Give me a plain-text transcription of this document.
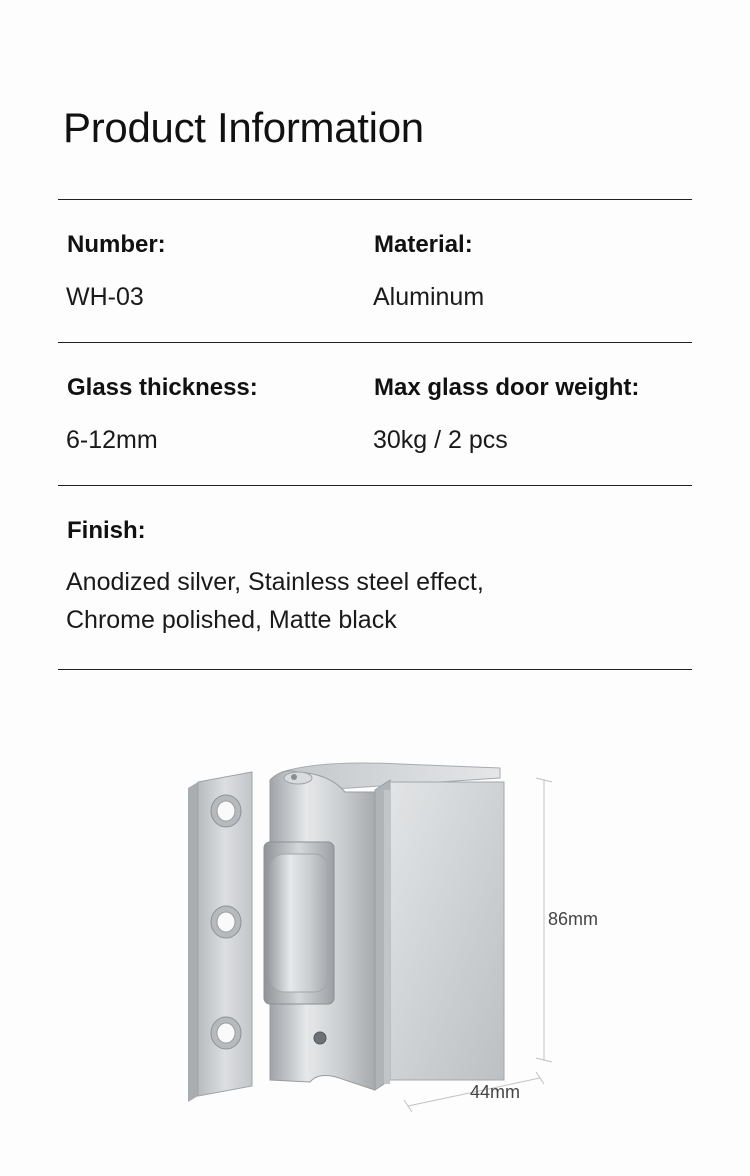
Product Information
Number:	Material:
WH-03	Aluminum
Glass thickness:	Max glass door weight:
6-12mm	30kg / 2 pcs
Finish:
Anodized silver, Stainless steel effect,
Chrome polished, Matte black
86mm
44mm
